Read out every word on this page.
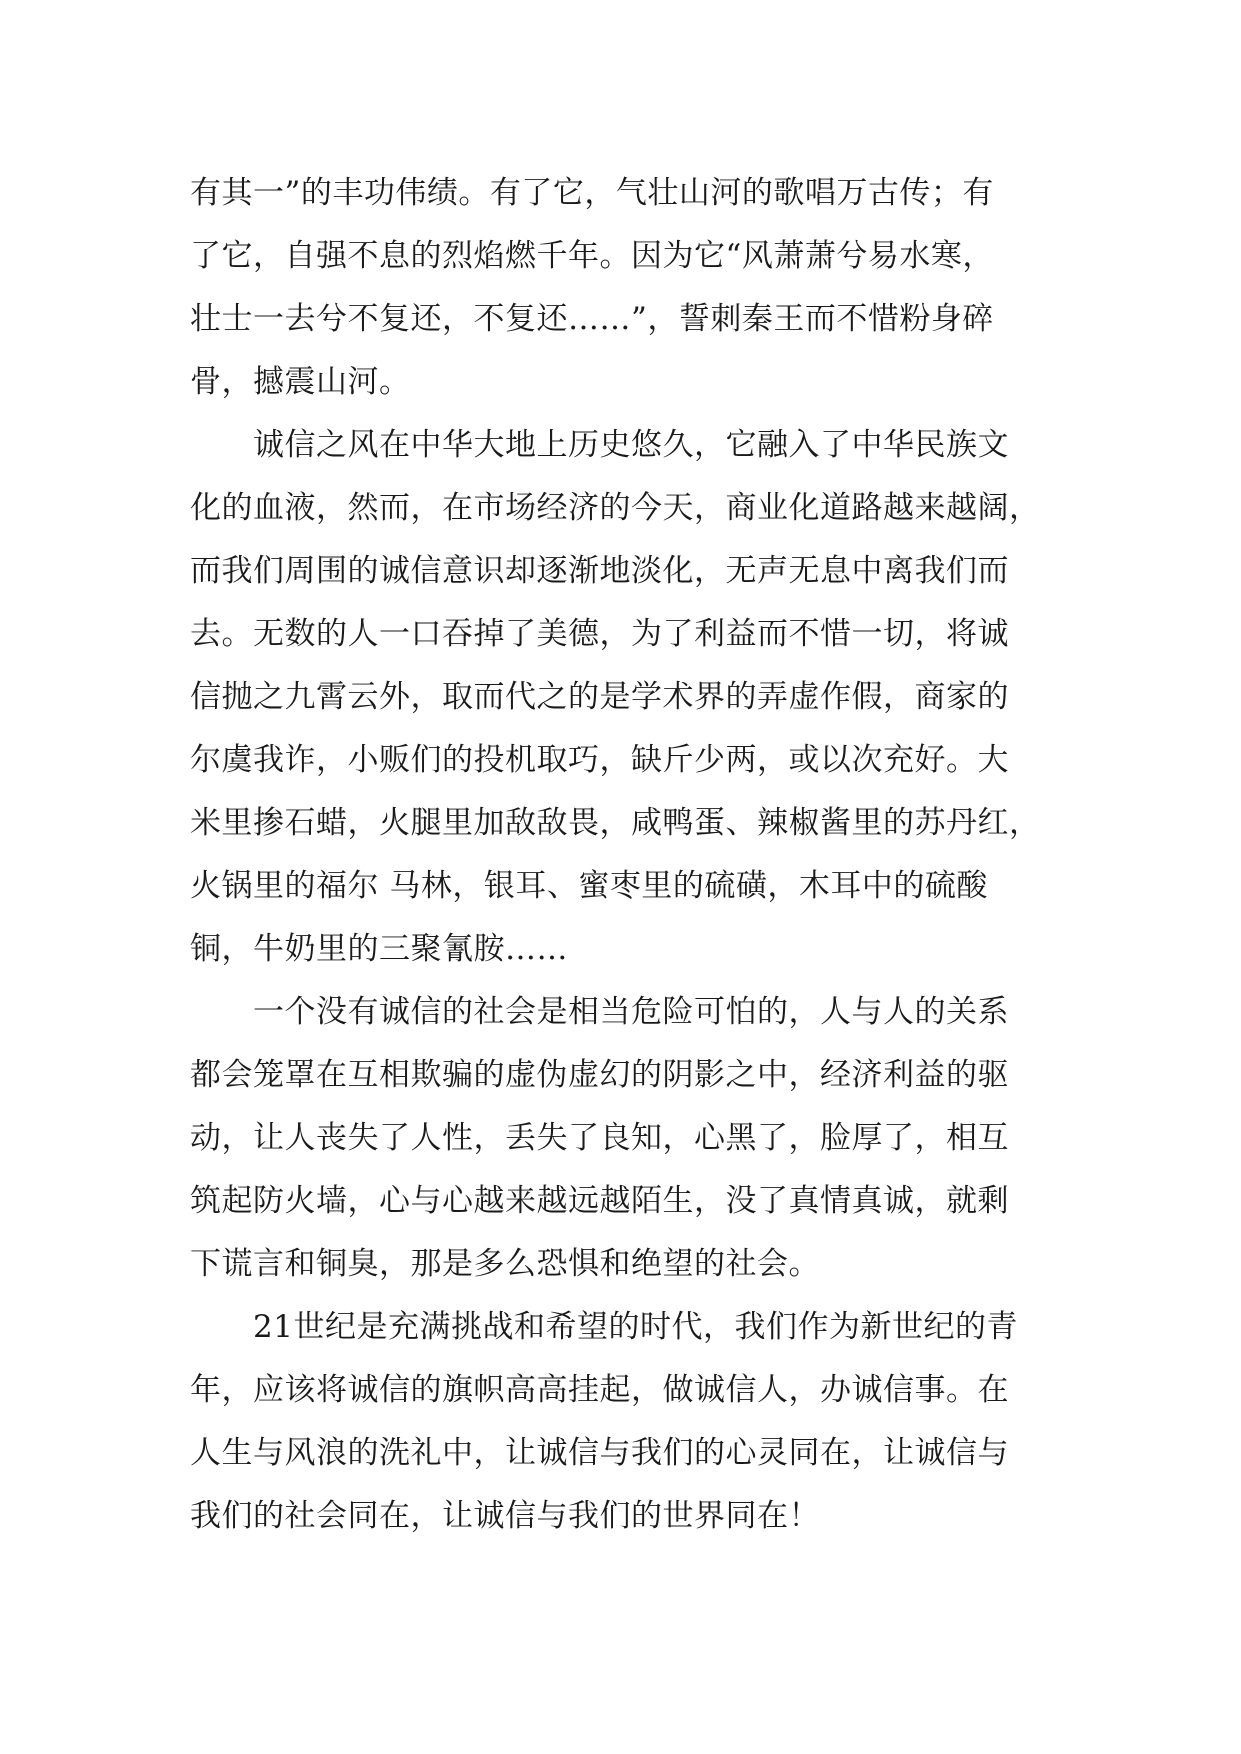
有其一”的丰功伟绩。有了它，气壮山河的歌唱万古传；有
了它，自强不息的烈焰燃千年。因为它“风萧萧兮易水寒，
壮士一去兮不复还，不复还……”，誓刺秦王而不惜粉身碎
骨，撼震山河。
　　诚信之风在中华大地上历史悠久，它融入了中华民族文
化的血液，然而，在市场经济的今天，商业化道路越来越阔，
而我们周围的诚信意识却逐渐地淡化，无声无息中离我们而
去。无数的人一口吞掉了美德，为了利益而不惜一切，将诚
信抛之九霄云外，取而代之的是学术界的弄虚作假，商家的
尔虞我诈，小贩们的投机取巧，缺斤少两，或以次充好。大
米里掺石蜡，火腿里加敌敌畏，咸鸭蛋、辣椒酱里的苏丹红，
火锅里的福尔 马林，银耳、蜜枣里的硫磺，木耳中的硫酸
铜，牛奶里的三聚氰胺……
　　一个没有诚信的社会是相当危险可怕的，人与人的关系
都会笼罩在互相欺骗的虚伪虚幻的阴影之中，经济利益的驱
动，让人丧失了人性，丢失了良知，心黑了，脸厚了，相互
筑起防火墙，心与心越来越远越陌生，没了真情真诚，就剩
下谎言和铜臭，那是多么恐惧和绝望的社会。
　　21世纪是充满挑战和希望的时代，我们作为新世纪的青
年，应该将诚信的旗帜高高挂起，做诚信人，办诚信事。在
人生与风浪的洗礼中，让诚信与我们的心灵同在，让诚信与
我们的社会同在，让诚信与我们的世界同在！
